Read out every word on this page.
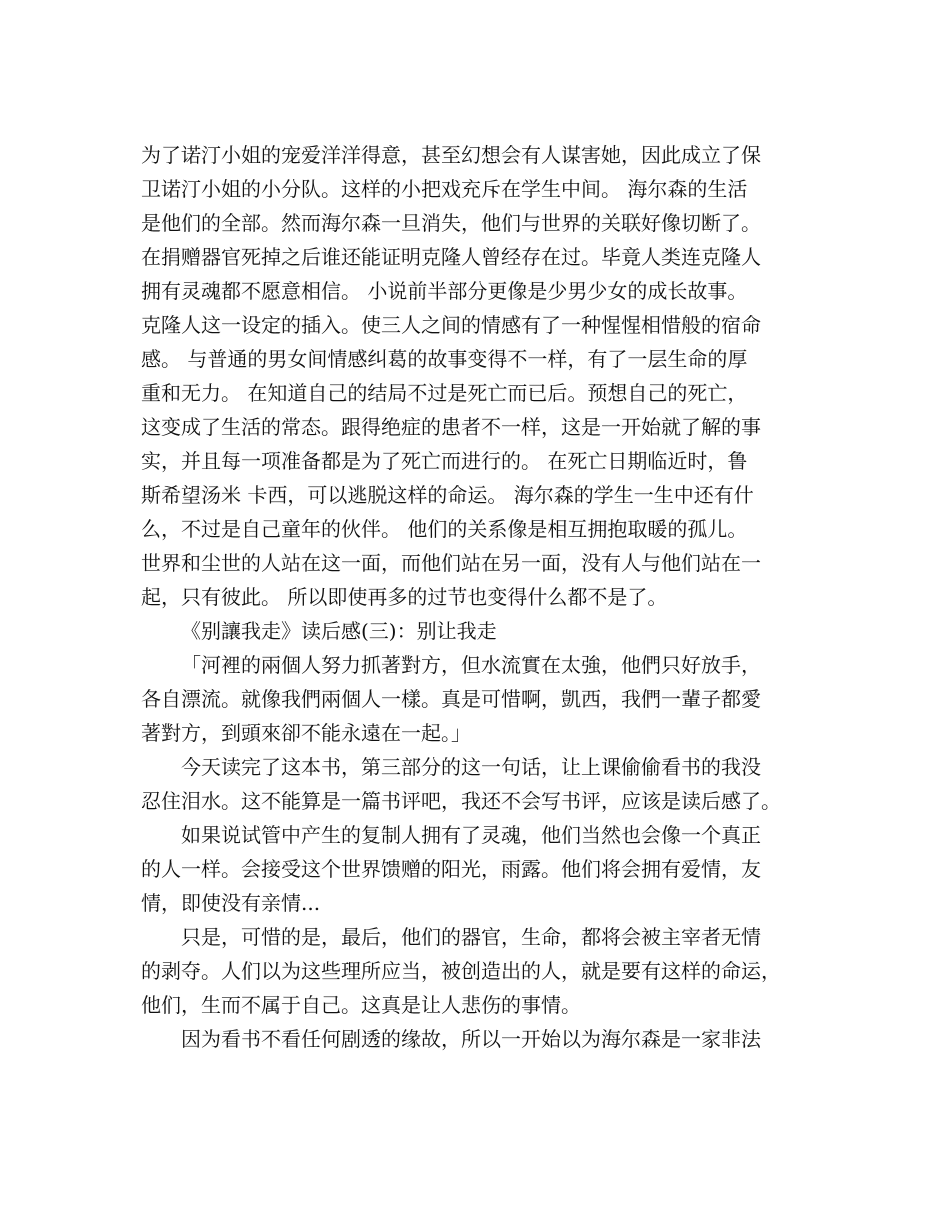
为了诺汀小姐的宠爱洋洋得意，甚至幻想会有人谋害她，因此成立了保
卫诺汀小姐的小分队。这样的小把戏充斥在学生中间。 海尔森的生活
是他们的全部。然而海尔森一旦消失，他们与世界的关联好像切断了。
在捐赠器官死掉之后谁还能证明克隆人曾经存在过。毕竟人类连克隆人
拥有灵魂都不愿意相信。 小说前半部分更像是少男少女的成长故事。
克隆人这一设定的插入。使三人之间的情感有了一种惺惺相惜般的宿命
感。 与普通的男女间情感纠葛的故事变得不一样，有了一层生命的厚
重和无力。 在知道自己的结局不过是死亡而已后。预想自己的死亡，
这变成了生活的常态。跟得绝症的患者不一样，这是一开始就了解的事
实，并且每一项准备都是为了死亡而进行的。 在死亡日期临近时，鲁
斯希望汤米 卡西，可以逃脱这样的命运。 海尔森的学生一生中还有什
么，不过是自己童年的伙伴。 他们的关系像是相互拥抱取暖的孤儿。
世界和尘世的人站在这一面，而他们站在另一面，没有人与他们站在一
起，只有彼此。 所以即使再多的过节也变得什么都不是了。
《别讓我走》读后感(三)：别让我走
「河裡的兩個人努力抓著對方，但水流實在太強，他們只好放手，
各自漂流。就像我們兩個人一樣。真是可惜啊，凱西，我們一輩子都愛
著對方，到頭來卻不能永遠在一起。」
今天读完了这本书，第三部分的这一句话，让上课偷偷看书的我没
忍住泪水。这不能算是一篇书评吧，我还不会写书评，应该是读后感了。
如果说试管中产生的复制人拥有了灵魂，他们当然也会像一个真正
的人一样。会接受这个世界馈赠的阳光，雨露。他们将会拥有爱情，友
情，即使没有亲情...
只是，可惜的是，最后，他们的器官，生命，都将会被主宰者无情
的剥夺。人们以为这些理所应当，被创造出的人，就是要有这样的命运，
他们，生而不属于自己。这真是让人悲伤的事情。
因为看书不看任何剧透的缘故，所以一开始以为海尔森是一家非法
